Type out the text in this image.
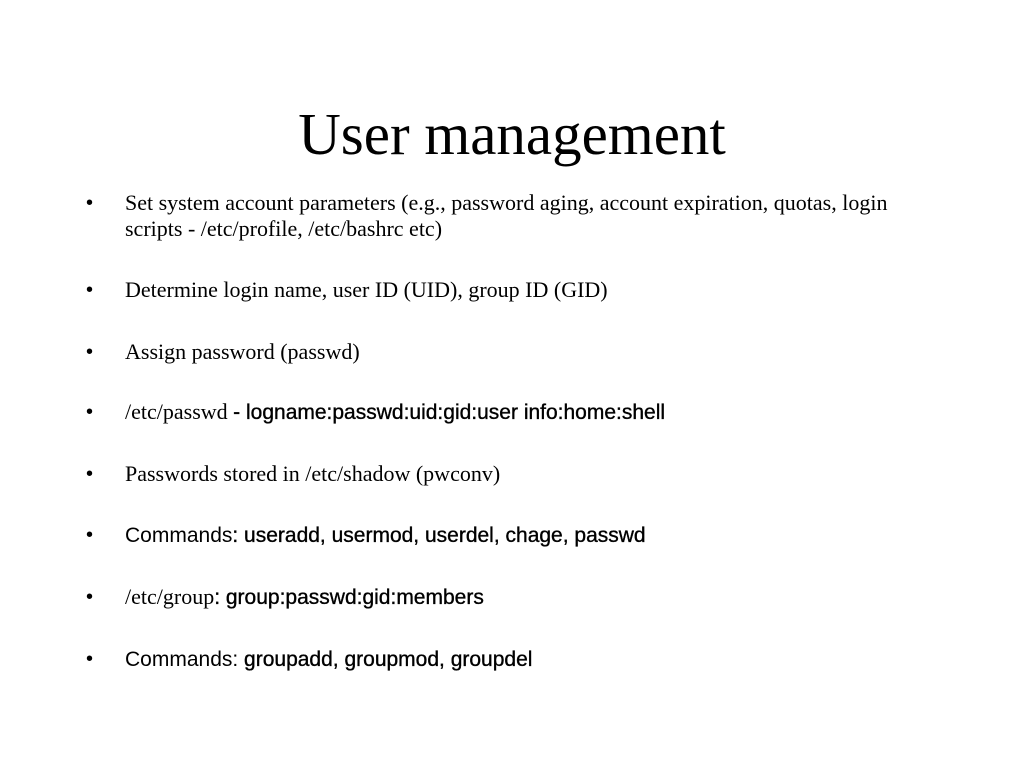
User management
•	Set system account parameters (e.g., password aging, account expiration, quotas, login scripts - /etc/profile, /etc/bashrc etc)
•	Determine login name, user ID (UID), group ID (GID)
•	Assign password (passwd)
•	/etc/passwd - logname:passwd:uid:gid:user info:home:shell
•	Passwords stored in /etc/shadow (pwconv)
•	Commands: useradd, usermod, userdel, chage, passwd
•	/etc/group: group:passwd:gid:members
•	Commands: groupadd, groupmod, groupdel
